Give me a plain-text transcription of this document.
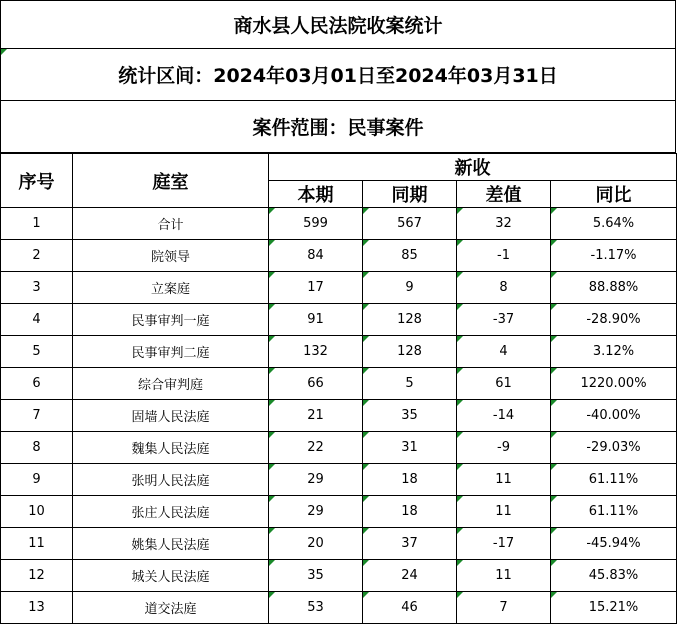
商水县人民法院收案统计
统计区间：2024年03月01日至2024年03月31日
案件范围：民事案件
序号	庭室	新收			
		本期	同期	差值	同比
1	合计	599	567	32	5.64%
2	院领导	84	85	-1	-1.17%
3	立案庭	17	9	8	88.88%
4	民事审判一庭	91	128	-37	-28.90%
5	民事审判二庭	132	128	4	3.12%
6	综合审判庭	66	5	61	1220.00%
7	固墙人民法庭	21	35	-14	-40.00%
8	魏集人民法庭	22	31	-9	-29.03%
9	张明人民法庭	29	18	11	61.11%
10	张庄人民法庭	29	18	11	61.11%
11	姚集人民法庭	20	37	-17	-45.94%
12	城关人民法庭	35	24	11	45.83%
13	道交法庭	53	46	7	15.21%
